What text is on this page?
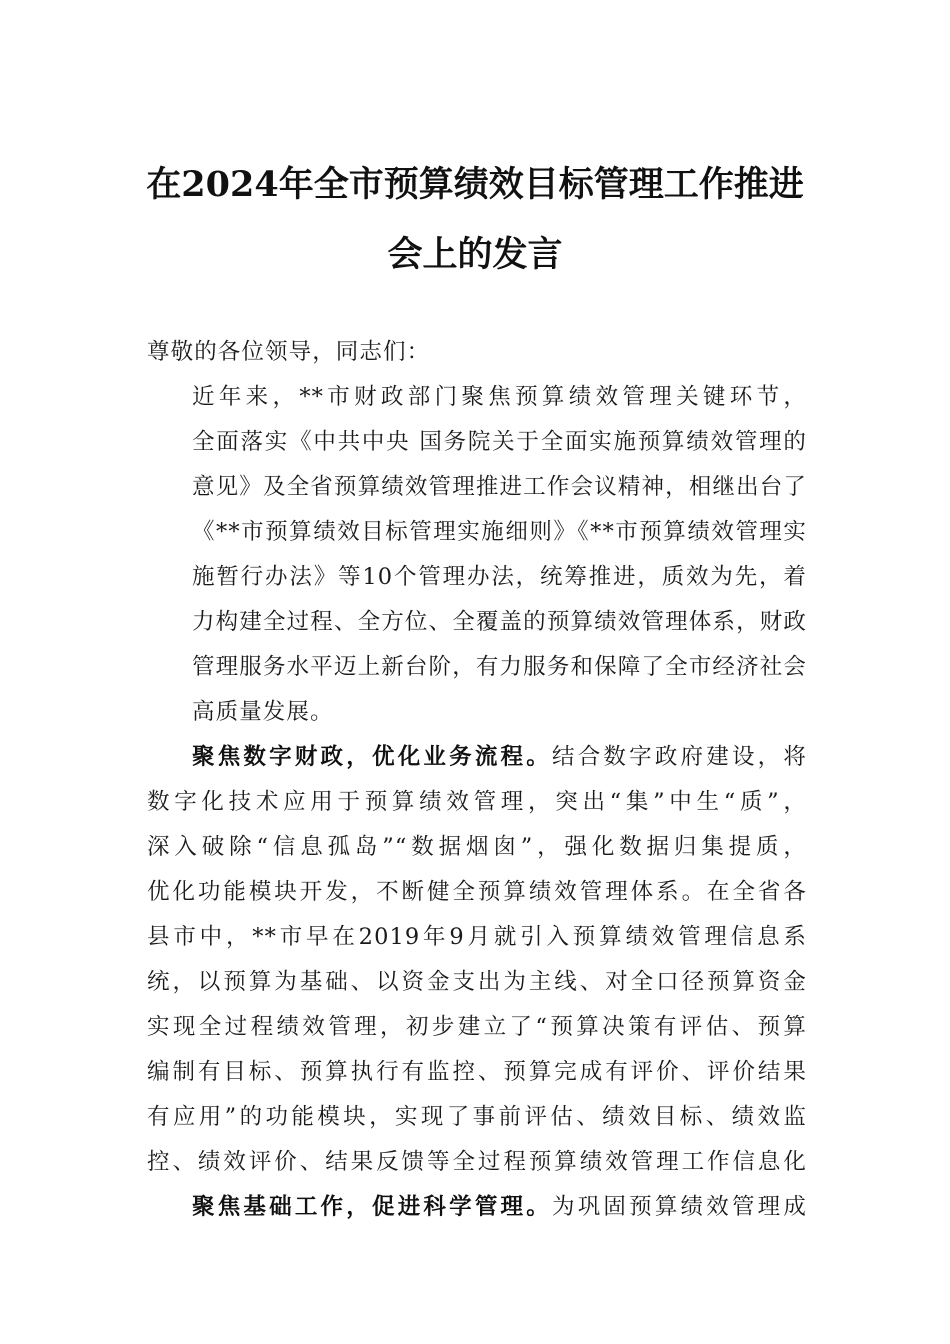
在2024年全市预算绩效目标管理工作推进
会上的发言

尊敬的各位领导，同志们：

近年来，**市财政部门聚焦预算绩效管理关键环节，
全面落实《中共中央 国务院关于全面实施预算绩效管理的
意见》及全省预算绩效管理推进工作会议精神，相继出台了
《**市预算绩效目标管理实施细则》《**市预算绩效管理实
施暂行办法》等10个管理办法，统筹推进，质效为先，着
力构建全过程、全方位、全覆盖的预算绩效管理体系，财政
管理服务水平迈上新台阶，有力服务和保障了全市经济社会
高质量发展。

聚焦数字财政，优化业务流程。结合数字政府建设，将
数字化技术应用于预算绩效管理，突出“集”中生“质”，
深入破除“信息孤岛”“数据烟囱”，强化数据归集提质，
优化功能模块开发，不断健全预算绩效管理体系。在全省各
县市中，**市早在2019年9月就引入预算绩效管理信息系
统，以预算为基础、以资金支出为主线、对全口径预算资金
实现全过程绩效管理，初步建立了“预算决策有评估、预算
编制有目标、预算执行有监控、预算完成有评价、评价结果
有应用”的功能模块，实现了事前评估、绩效目标、绩效监
控、绩效评价、结果反馈等全过程预算绩效管理工作信息化

聚焦基础工作，促进科学管理。为巩固预算绩效管理成
